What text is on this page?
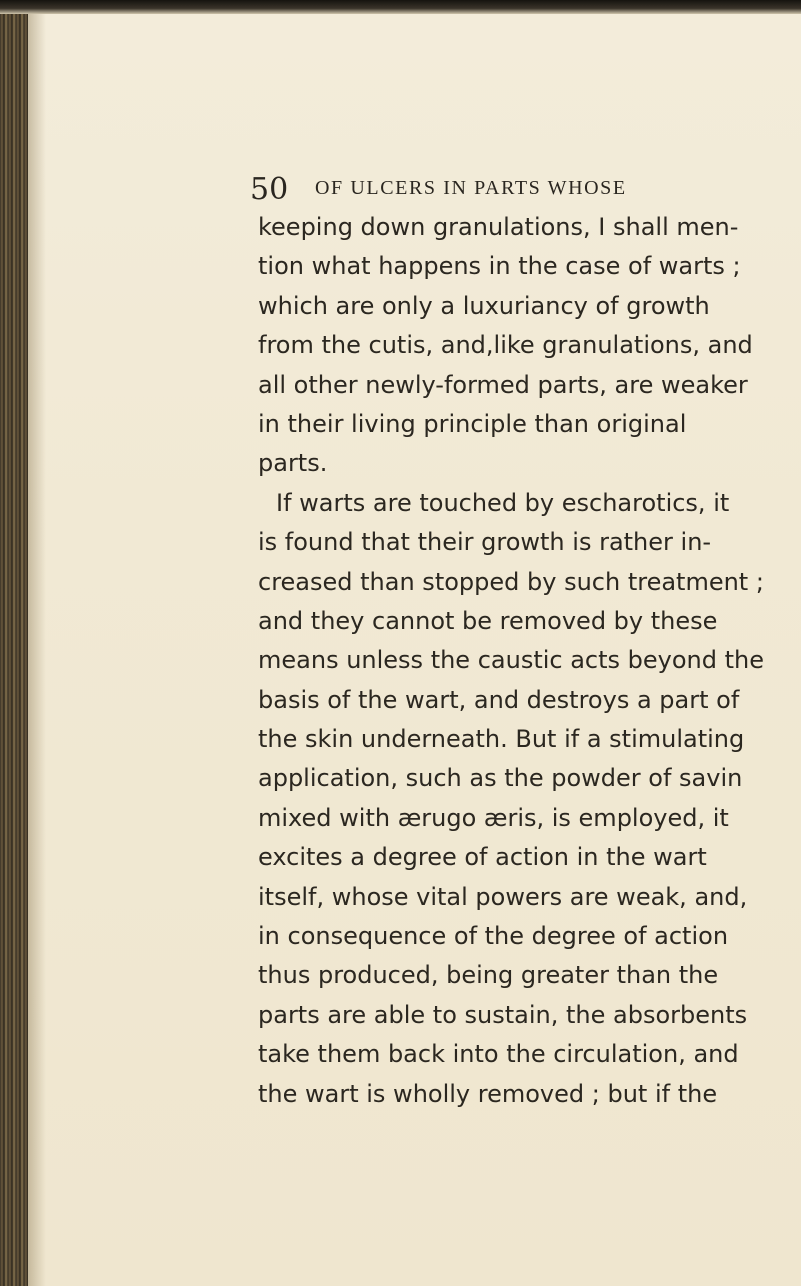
50 OF ULCERS IN PARTS WHOSE
keeping down granulations, I shall men-
tion what happens in the case of warts ;
which are only a luxuriancy of growth
from the cutis, and,like granulations, and
all other newly-formed parts, are weaker
in their living principle than original
parts.
If warts are touched by escharotics, it
is found that their growth is rather in-
creased than stopped by such treatment ;
and they cannot be removed by these
means unless the caustic acts beyond the
basis of the wart, and destroys a part of
the skin underneath. But if a stimulating
application, such as the powder of savin
mixed with ærugo æris, is employed, it
excites a degree of action in the wart
itself, whose vital powers are weak, and,
in consequence of the degree of action
thus produced, being greater than the
parts are able to sustain, the absorbents
take them back into the circulation, and
the wart is wholly removed ; but if the
